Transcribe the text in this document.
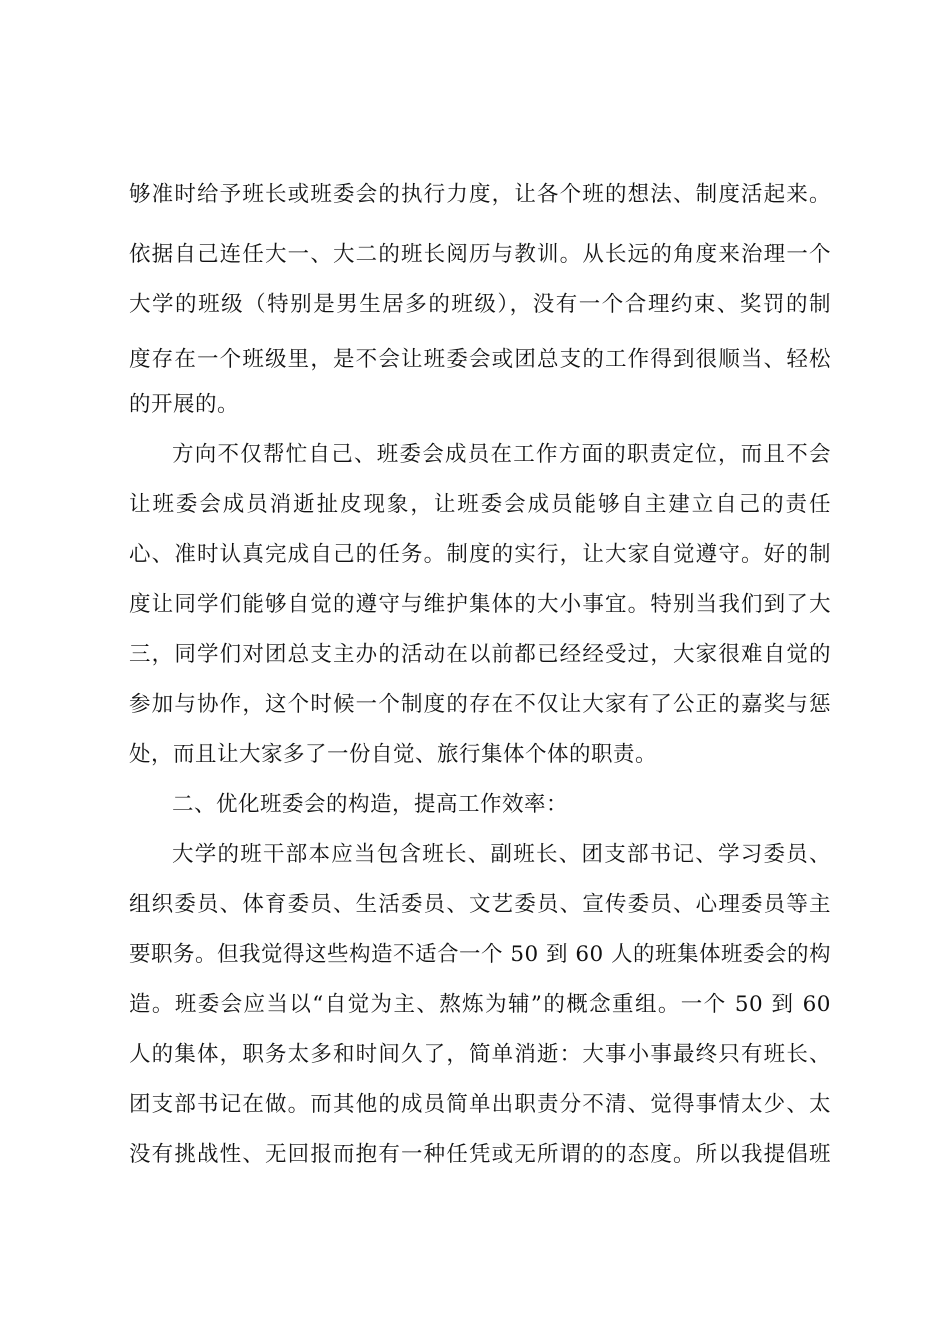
够准时给予班长或班委会的执行力度，让各个班的想法、制度活起来。
依据自己连任大一、大二的班长阅历与教训。从长远的角度来治理一个
大学的班级（特别是男生居多的班级），没有一个合理约束、奖罚的制
度存在一个班级里，是不会让班委会或团总支的工作得到很顺当、轻松
的开展的。
方向不仅帮忙自己、班委会成员在工作方面的职责定位，而且不会
让班委会成员消逝扯皮现象，让班委会成员能够自主建立自己的责任
心、准时认真完成自己的任务。制度的实行，让大家自觉遵守。好的制
度让同学们能够自觉的遵守与维护集体的大小事宜。特别当我们到了大
三，同学们对团总支主办的活动在以前都已经经受过，大家很难自觉的
参加与协作，这个时候一个制度的存在不仅让大家有了公正的嘉奖与惩
处，而且让大家多了一份自觉、旅行集体个体的职责。
二、优化班委会的构造，提高工作效率：
大学的班干部本应当包含班长、副班长、团支部书记、学习委员、
组织委员、体育委员、生活委员、文艺委员、宣传委员、心理委员等主
要职务。但我觉得这些构造不适合一个 50 到 60 人的班集体班委会的构
造。班委会应当以“自觉为主、熬炼为辅”的概念重组。一个 50 到 60
人的集体，职务太多和时间久了，简单消逝：大事小事最终只有班长、
团支部书记在做。而其他的成员简单出职责分不清、觉得事情太少、太
没有挑战性、无回报而抱有一种任凭或无所谓的的态度。所以我提倡班
